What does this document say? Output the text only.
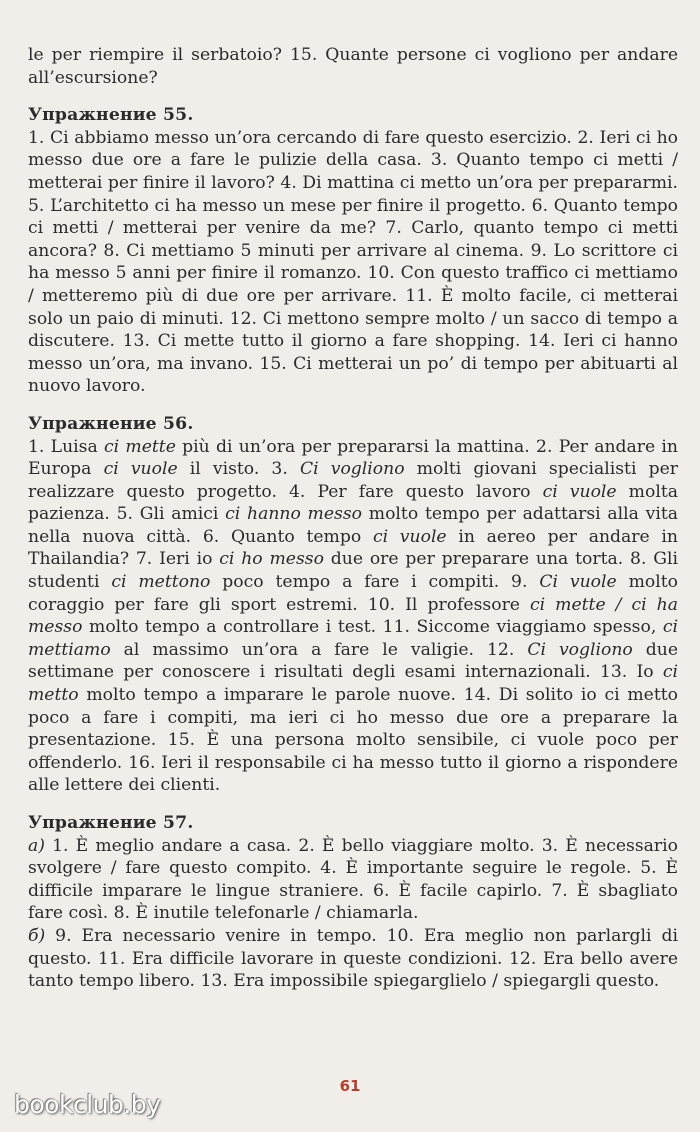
le per riempire il serbatoio? 15. Quante persone ci vogliono per andare all’escursione?

Упражнение 55.

1. Ci abbiamo messo un’ora cercando di fare questo esercizio. 2. Ieri ci ho messo due ore a fare le pulizie della casa. 3. Quanto tempo ci metti / metterai per finire il lavoro? 4. Di mattina ci metto un’ora per prepararmi. 5. L’architetto ci ha messo un mese per finire il progetto. 6. Quanto tempo ci metti / metterai per venire da me? 7. Carlo, quanto tempo ci metti ancora? 8. Ci mettiamo 5 minuti per arrivare al cinema. 9. Lo scrittore ci ha messo 5 anni per finire il romanzo. 10. Con questo traffico ci mettiamo / metteremo più di due ore per arrivare. 11. È molto facile, ci metterai solo un paio di minuti. 12. Ci mettono sempre molto / un sacco di tempo a discutere. 13. Ci mette tutto il giorno a fare shopping. 14. Ieri ci hanno messo un’ora, ma invano. 15. Ci metterai un po’ di tempo per abituarti al nuovo lavoro.

Упражнение 56.

1. Luisa ci mette più di un’ora per prepararsi la mattina. 2. Per andare in Europa ci vuole il visto. 3. Ci vogliono molti giovani specialisti per realizzare questo progetto. 4. Per fare questo lavoro ci vuole molta pazienza. 5. Gli amici ci hanno messo molto tempo per adattarsi alla vita nella nuova città. 6. Quanto tempo ci vuole in aereo per andare in Thailandia? 7. Ieri io ci ho messo due ore per preparare una torta. 8. Gli studenti ci mettono poco tempo a fare i compiti. 9. Ci vuole molto coraggio per fare gli sport estremi. 10. Il professore ci mette / ci ha messo molto tempo a controllare i test. 11. Siccome viaggiamo spesso, ci mettiamo al massimo un’ora a fare le valigie. 12. Ci vogliono due settimane per conoscere i risultati degli esami internazionali. 13. Io ci metto molto tempo a imparare le parole nuove. 14. Di solito io ci metto poco a fare i compiti, ma ieri ci ho messo due ore a preparare la presentazione. 15. È una persona molto sensibile, ci vuole poco per offenderlo. 16. Ieri il responsabile ci ha messo tutto il giorno a rispondere alle lettere dei clienti.

Упражнение 57.

а) 1. È meglio andare a casa. 2. È bello viaggiare molto. 3. È necessario svolgere / fare questo compito. 4. È importante seguire le regole. 5. È difficile imparare le lingue straniere. 6. È facile capirlo. 7. È sbagliato fare così. 8. È inutile telefonarle / chiamarla.

б) 9. Era necessario venire in tempo. 10. Era meglio non parlargli di questo. 11. Era difficile lavorare in queste condizioni. 12. Era bello avere tanto tempo libero. 13. Era impossibile spiegarglielo / spiegargli questo.

61
bookclub.by
